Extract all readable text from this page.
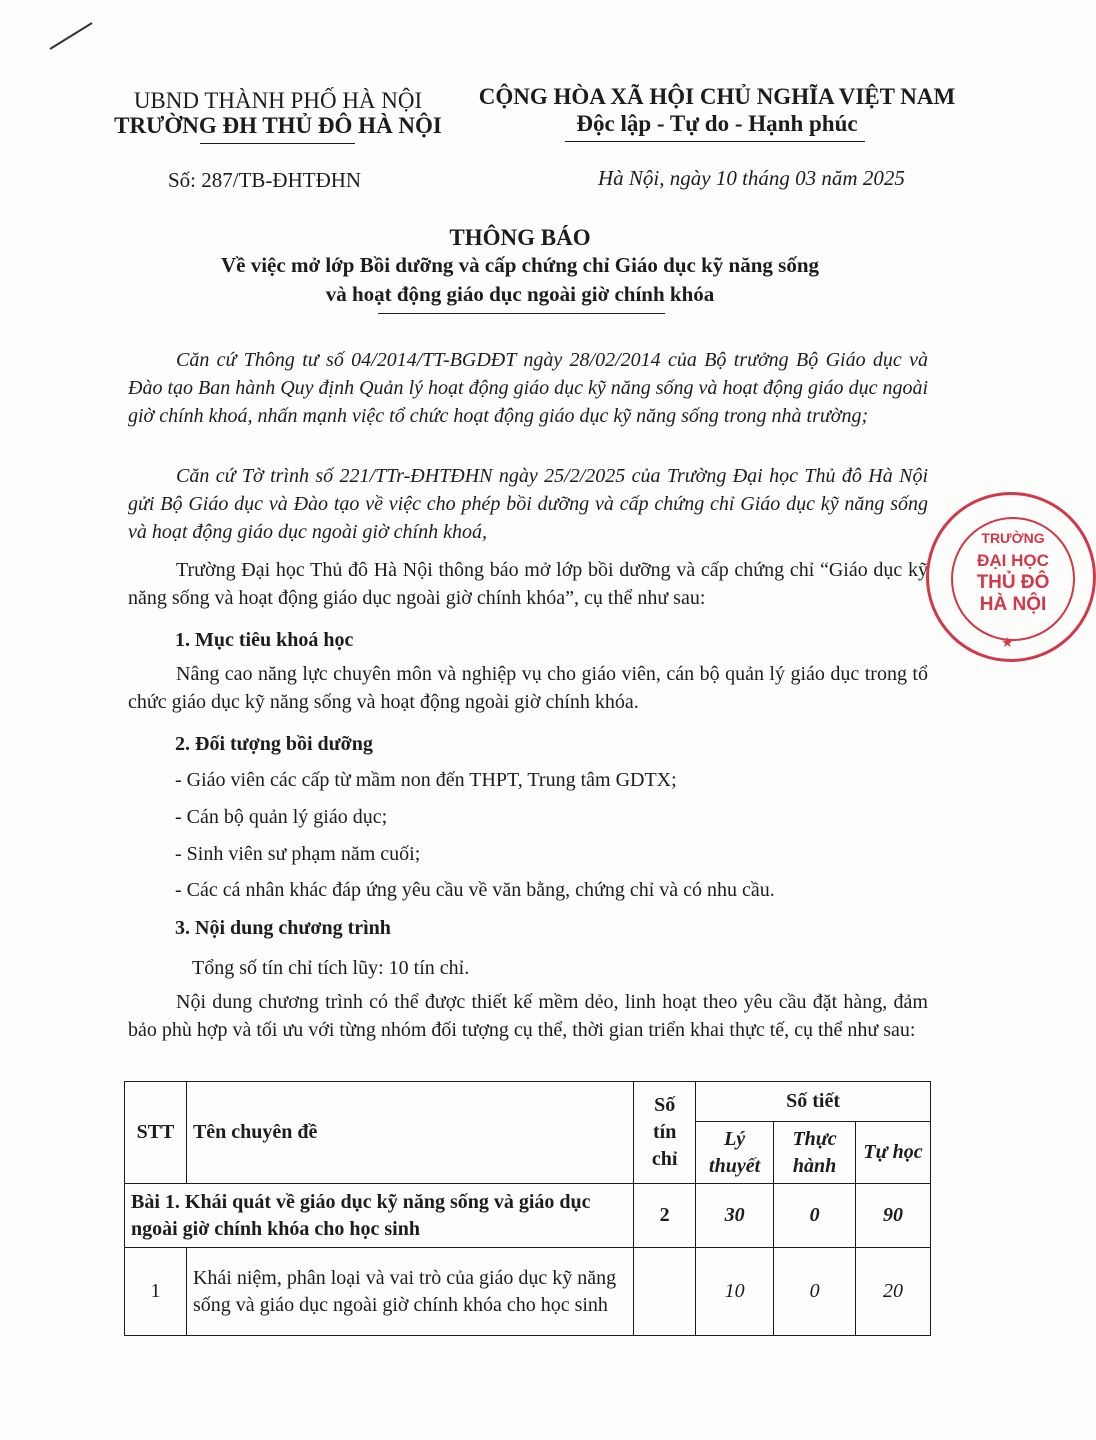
UBND THÀNH PHỐ HÀ NỘI
TRƯỜNG ĐH THỦ ĐÔ HÀ NỘI
CỘNG HÒA XÃ HỘI CHỦ NGHĨA VIỆT NAM
Độc lập - Tự do - Hạnh phúc
Số: 287/TB-ĐHTĐHN	Hà Nội, ngày 10 tháng 03 năm 2025
THÔNG BÁO
Về việc mở lớp Bồi dưỡng và cấp chứng chỉ Giáo dục kỹ năng sống
và hoạt động giáo dục ngoài giờ chính khóa
Căn cứ Thông tư số 04/2014/TT-BGDĐT ngày 28/02/2014 của Bộ trưởng Bộ Giáo dục và Đào tạo Ban hành Quy định Quản lý hoạt động giáo dục kỹ năng sống và hoạt động giáo dục ngoài giờ chính khoá, nhấn mạnh việc tổ chức hoạt động giáo dục kỹ năng sống trong nhà trường;
Căn cứ Tờ trình số 221/TTr-ĐHTĐHN ngày 25/2/2025 của Trường Đại học Thủ đô Hà Nội gửi Bộ Giáo dục và Đào tạo về việc cho phép bồi dưỡng và cấp chứng chỉ Giáo dục kỹ năng sống và hoạt động giáo dục ngoài giờ chính khoá,
Trường Đại học Thủ đô Hà Nội thông báo mở lớp bồi dưỡng và cấp chứng chỉ “Giáo dục kỹ năng sống và hoạt động giáo dục ngoài giờ chính khóa”, cụ thể như sau:
1. Mục tiêu khoá học
Nâng cao năng lực chuyên môn và nghiệp vụ cho giáo viên, cán bộ quản lý giáo dục trong tổ chức giáo dục kỹ năng sống và hoạt động ngoài giờ chính khóa.
2. Đối tượng bồi dưỡng
- Giáo viên các cấp từ mầm non đến THPT, Trung tâm GDTX;
- Cán bộ quản lý giáo dục;
- Sinh viên sư phạm năm cuối;
- Các cá nhân khác đáp ứng yêu cầu về văn bằng, chứng chỉ và có nhu cầu.
3. Nội dung chương trình
Tổng số tín chỉ tích lũy: 10 tín chỉ.
Nội dung chương trình có thể được thiết kế mềm dẻo, linh hoạt theo yêu cầu đặt hàng, đảm bảo phù hợp và tối ưu với từng nhóm đối tượng cụ thể, thời gian triển khai thực tế, cụ thể như sau:
STT	Tên chuyên đề	Số tín chỉ	Số tiết		
			Lý thuyết	Thực hành	Tự học
Bài 1. Khái quát về giáo dục kỹ năng sống và giáo dục ngoài giờ chính khóa cho học sinh		2	30	0	90
1	Khái niệm, phân loại và vai trò của giáo dục kỹ năng sống và giáo dục ngoài giờ chính khóa cho học sinh		10	0	20
TRƯỜNG
ĐẠI HỌC
THỦ ĐÔ
HÀ NỘI
★
